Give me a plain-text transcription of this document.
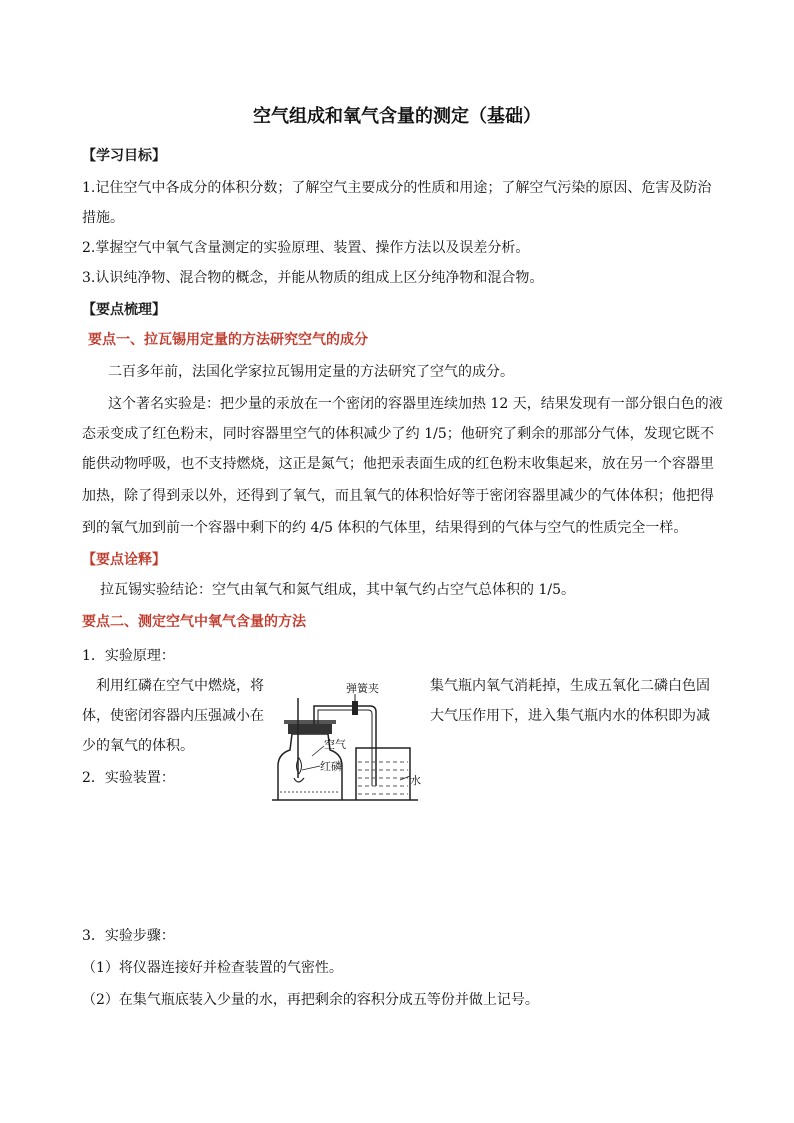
空气组成和氧气含量的测定（基础）
【学习目标】
1.记住空气中各成分的体积分数；了解空气主要成分的性质和用途；了解空气污染的原因、危害及防治
措施。
2.掌握空气中氧气含量测定的实验原理、装置、操作方法以及误差分析。
3.认识纯净物、混合物的概念，并能从物质的组成上区分纯净物和混合物。
【要点梳理】
要点一、拉瓦锡用定量的方法研究空气的成分
二百多年前，法国化学家拉瓦锡用定量的方法研究了空气的成分。
这个著名实验是：把少量的汞放在一个密闭的容器里连续加热 12 天，结果发现有一部分银白色的液
态汞变成了红色粉末，同时容器里空气的体积减少了约 1/5；他研究了剩余的那部分气体，发现它既不
能供动物呼吸，也不支持燃烧，这正是氮气；他把汞表面生成的红色粉末收集起来，放在另一个容器里
加热，除了得到汞以外，还得到了氧气，而且氧气的体积恰好等于密闭容器里减少的气体体积；他把得
到的氧气加到前一个容器中剩下的约 4/5 体积的气体里，结果得到的气体与空气的性质完全一样。
【要点诠释】
拉瓦锡实验结论：空气由氧气和氮气组成，其中氧气约占空气总体积的 1/5。
要点二、测定空气中氧气含量的方法
1．实验原理：
利用红磷在空气中燃烧，将	集气瓶内氧气消耗掉，生成五氧化二磷白色固
体，使密闭容器内压强减小在	大气压作用下，进入集气瓶内水的体积即为减
少的氧气的体积。
2．实验装置：
弹簧夹
空气
红磷
水
3．实验步骤：
（1）将仪器连接好并检查装置的气密性。
（2）在集气瓶底装入少量的水，再把剩余的容积分成五等份并做上记号。
